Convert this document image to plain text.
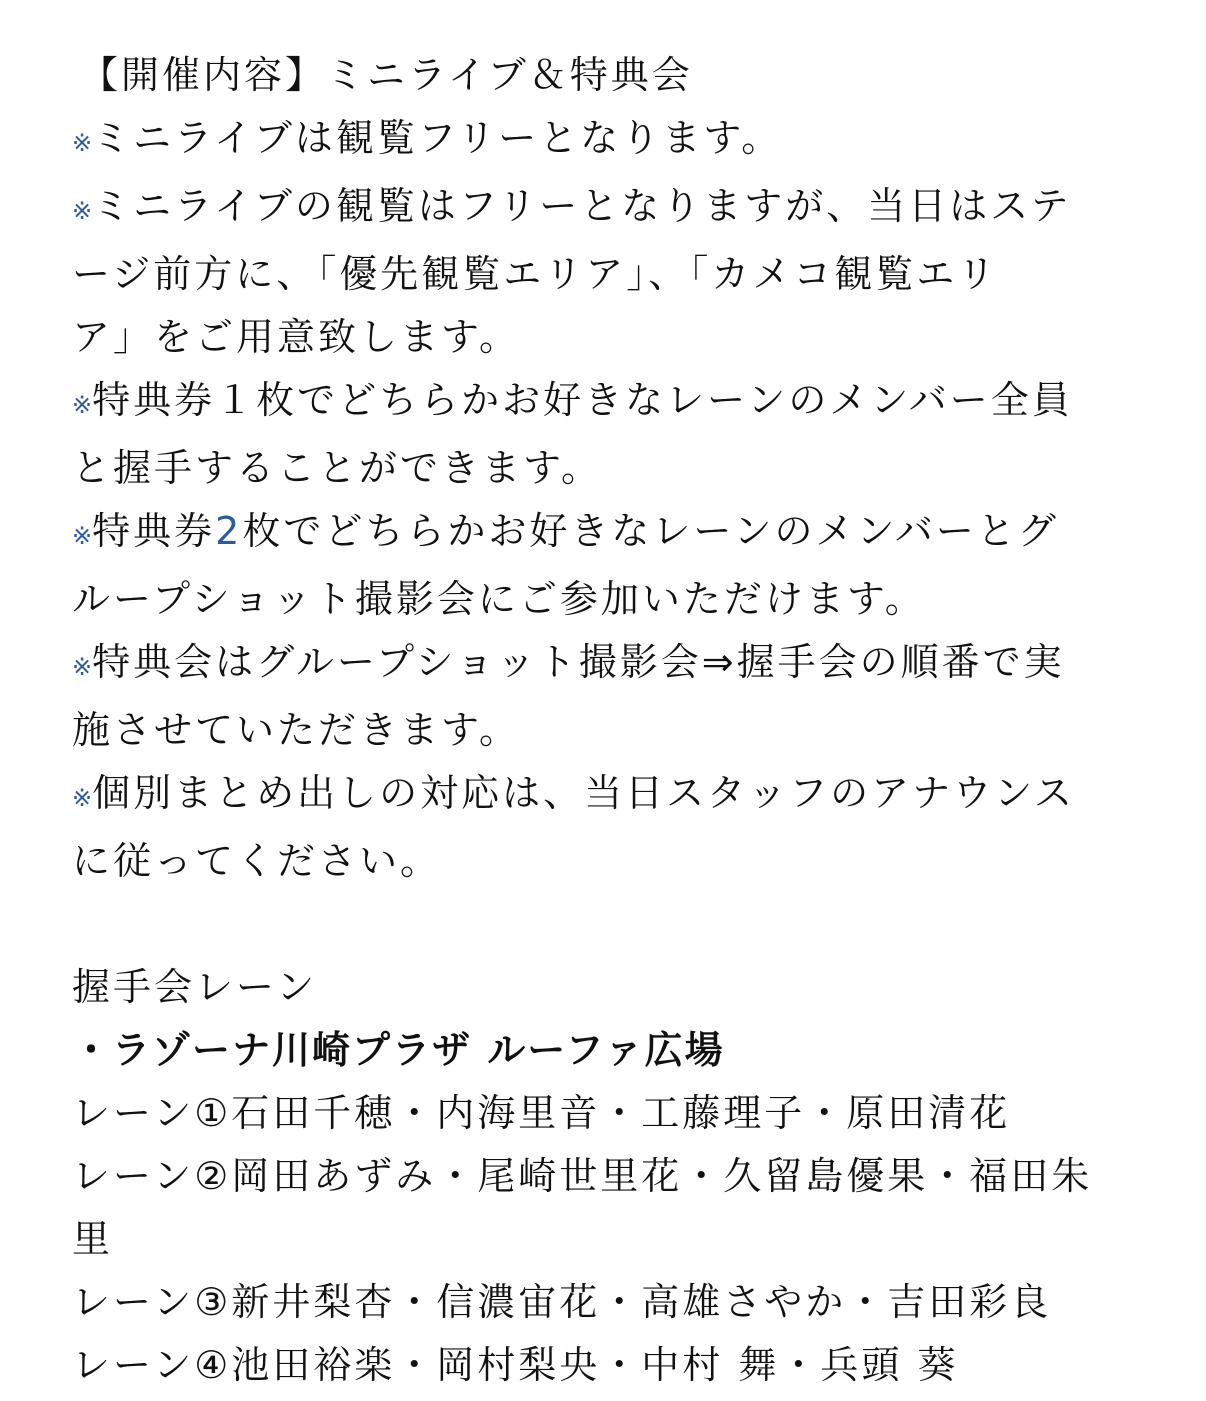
【開催内容】ミニライブ＆特典会
※ミニライブは観覧フリーとなります。
※ミニライブの観覧はフリーとなりますが、当日はステ
ージ前方に、「優先観覧エリア」、「カメコ観覧エリ
ア」をご用意致します。
※特典券１枚でどちらかお好きなレーンのメンバー全員
と握手することができます。
※特典券2枚でどちらかお好きなレーンのメンバーとグ
ループショット撮影会にご参加いただけます。
※特典会はグループショット撮影会⇒握手会の順番で実
施させていただきます。
※個別まとめ出しの対応は、当日スタッフのアナウンス
に従ってください。
握手会レーン
・ラゾーナ川崎プラザ ルーファ広場
レーン①石田千穂・内海里音・工藤理子・原田清花
レーン②岡田あずみ・尾崎世里花・久留島優果・福田朱
里
レーン③新井梨杏・信濃宙花・高雄さやか・吉田彩良
レーン④池田裕楽・岡村梨央・中村 舞・兵頭 葵
